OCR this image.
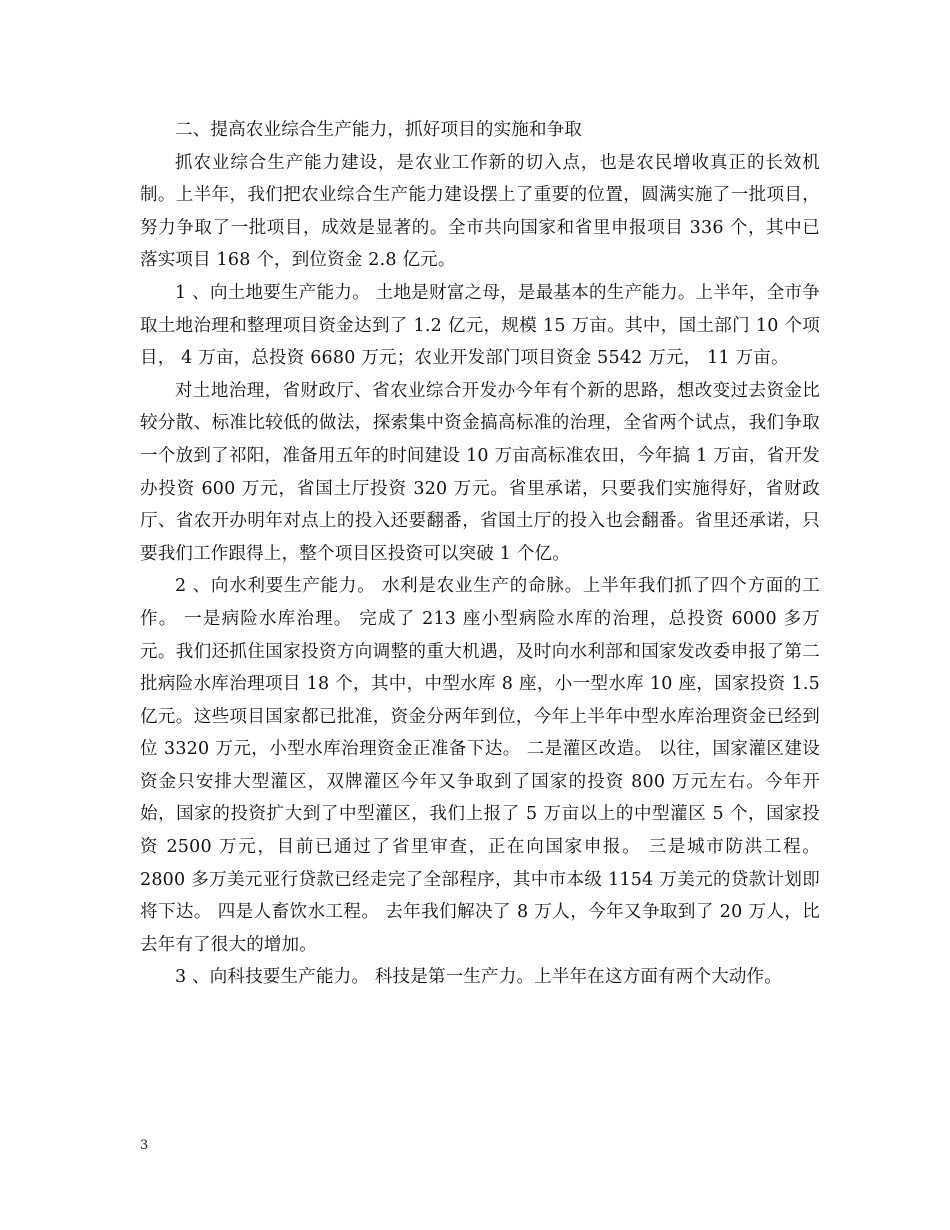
二、提高农业综合生产能力，抓好项目的实施和争取

抓农业综合生产能力建设，是农业工作新的切入点，也是农民增收真正的长效机制。上半年，我们把农业综合生产能力建设摆上了重要的位置，圆满实施了一批项目，努力争取了一批项目，成效是显著的。全市共向国家和省里申报项目 336 个，其中已落实项目 168 个，到位资金 2.8 亿元。

1 、向土地要生产能力。 土地是财富之母，是最基本的生产能力。上半年，全市争取土地治理和整理项目资金达到了 1.2 亿元，规模 15 万亩。其中，国土部门 10 个项目， 4 万亩，总投资 6680 万元；农业开发部门项目资金 5542 万元， 11 万亩。

对土地治理，省财政厅、省农业综合开发办今年有个新的思路，想改变过去资金比较分散、标准比较低的做法，探索集中资金搞高标准的治理，全省两个试点，我们争取一个放到了祁阳，准备用五年的时间建设 10 万亩高标准农田，今年搞 1 万亩，省开发办投资 600 万元，省国土厅投资 320 万元。省里承诺，只要我们实施得好，省财政厅、省农开办明年对点上的投入还要翻番，省国土厅的投入也会翻番。省里还承诺，只要我们工作跟得上，整个项目区投资可以突破 1 个亿。

2 、向水利要生产能力。 水利是农业生产的命脉。上半年我们抓了四个方面的工作。 一是病险水库治理。 完成了 213 座小型病险水库的治理，总投资 6000 多万元。我们还抓住国家投资方向调整的重大机遇，及时向水利部和国家发改委申报了第二批病险水库治理项目 18 个，其中，中型水库 8 座，小一型水库 10 座，国家投资 1.5 亿元。这些项目国家都已批准，资金分两年到位，今年上半年中型水库治理资金已经到位 3320 万元，小型水库治理资金正准备下达。 二是灌区改造。 以往，国家灌区建设资金只安排大型灌区，双牌灌区今年又争取到了国家的投资 800 万元左右。今年开始，国家的投资扩大到了中型灌区，我们上报了 5 万亩以上的中型灌区 5 个，国家投资 2500 万元，目前已通过了省里审查，正在向国家申报。 三是城市防洪工程。 2800 多万美元亚行贷款已经走完了全部程序，其中市本级 1154 万美元的贷款计划即将下达。 四是人畜饮水工程。 去年我们解决了 8 万人，今年又争取到了 20 万人，比去年有了很大的增加。

3 、向科技要生产能力。 科技是第一生产力。上半年在这方面有两个大动作。

3
